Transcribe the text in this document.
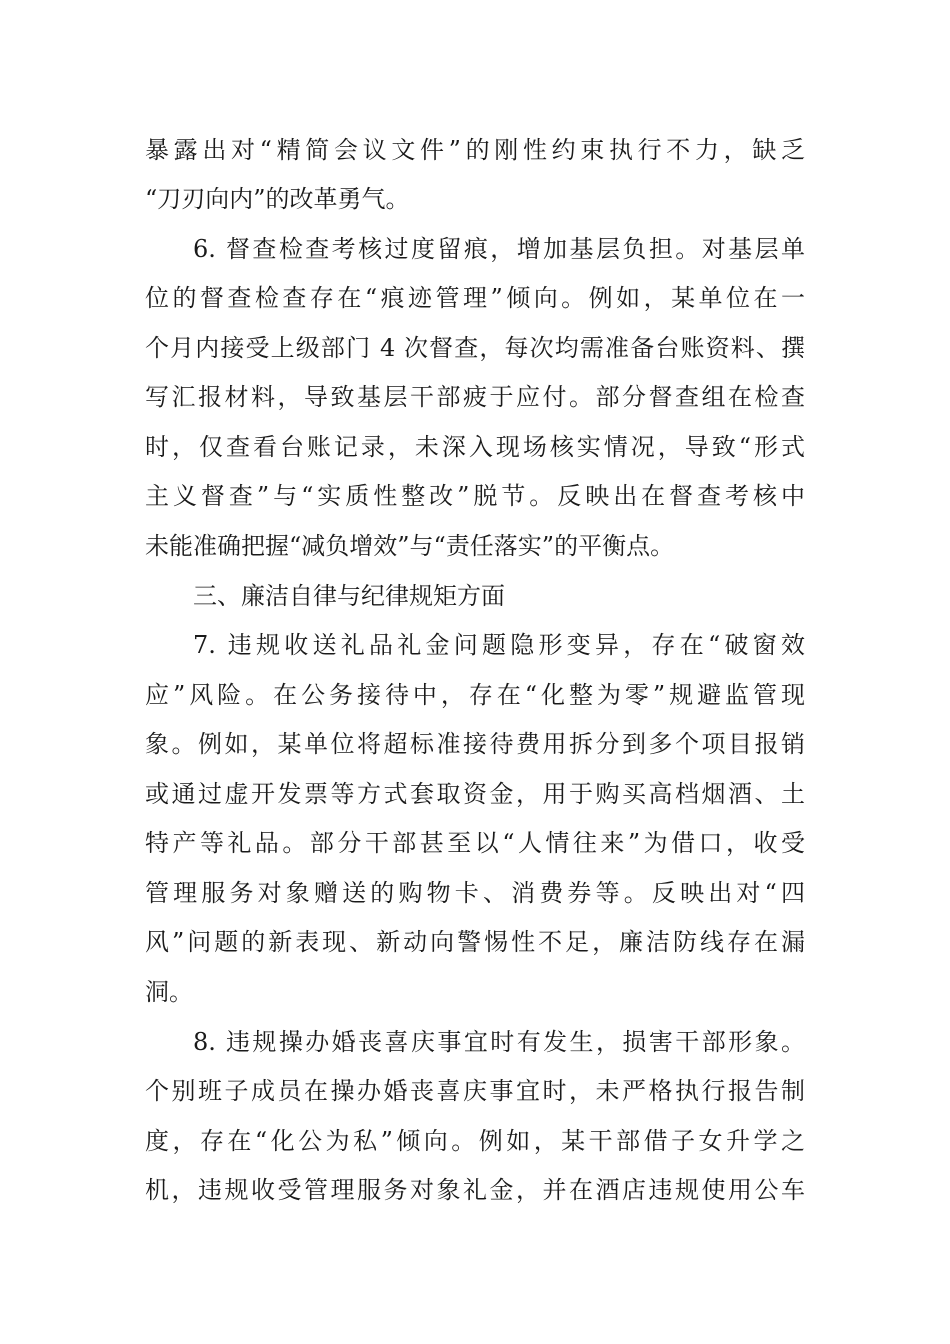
暴露出对“精简会议文件”的刚性约束执行不力，缺乏
“刀刃向内”的改革勇气。
6. 督查检查考核过度留痕，增加基层负担。对基层单
位的督查检查存在“痕迹管理”倾向。例如，某单位在一
个月内接受上级部门 4 次督查，每次均需准备台账资料、撰
写汇报材料，导致基层干部疲于应付。部分督查组在检查
时，仅查看台账记录，未深入现场核实情况，导致“形式
主义督查”与“实质性整改”脱节。反映出在督查考核中
未能准确把握“减负增效”与“责任落实”的平衡点。
三、廉洁自律与纪律规矩方面
7. 违规收送礼品礼金问题隐形变异，存在“破窗效
应”风险。在公务接待中，存在“化整为零”规避监管现
象。例如，某单位将超标准接待费用拆分到多个项目报销
或通过虚开发票等方式套取资金，用于购买高档烟酒、土
特产等礼品。部分干部甚至以“人情往来”为借口，收受
管理服务对象赠送的购物卡、消费券等。反映出对“四
风”问题的新表现、新动向警惕性不足，廉洁防线存在漏
洞。
8. 违规操办婚丧喜庆事宜时有发生，损害干部形象。
个别班子成员在操办婚丧喜庆事宜时，未严格执行报告制
度，存在“化公为私”倾向。例如，某干部借子女升学之
机，违规收受管理服务对象礼金，并在酒店违规使用公车
